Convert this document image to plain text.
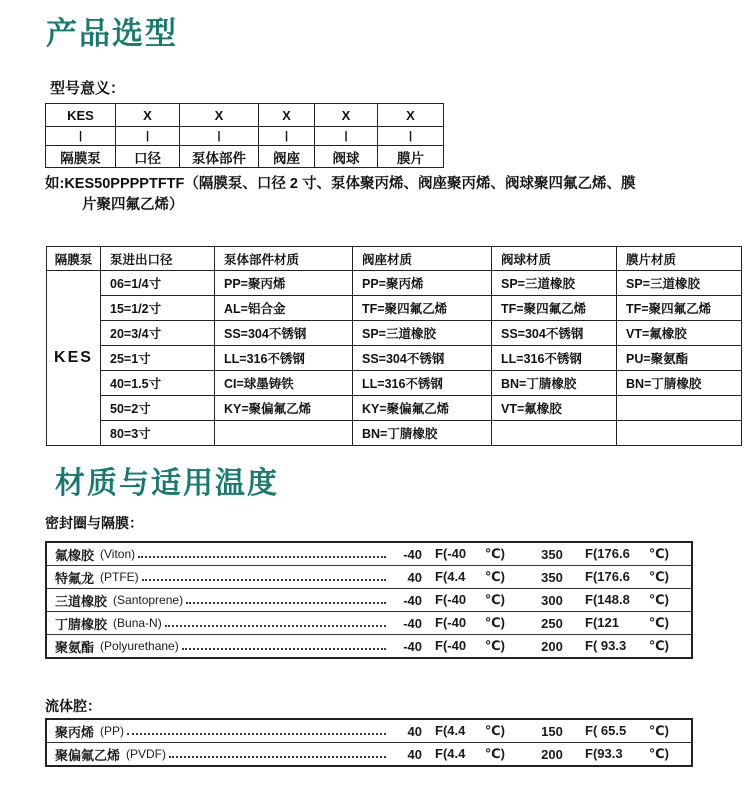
产品选型
型号意义：
KES	X	X	X	X	X
|	|	|	|	|	|
隔膜泵	口径	泵体部件	阀座	阀球	膜片
如:KES50PPPPTFTF（隔膜泵、口径 2 寸、泵体聚丙烯、阀座聚丙烯、阀球聚四氟乙烯、膜
片聚四氟乙烯）
隔膜泵	泵进出口径	泵体部件材质	阀座材质	阀球材质	膜片材质
KES	06=1/4寸	PP=聚丙烯	PP=聚丙烯	SP=三道橡胶	SP=三道橡胶
	15=1/2寸	AL=铝合金	TF=聚四氟乙烯	TF=聚四氟乙烯	TF=聚四氟乙烯
	20=3/4寸	SS=304不锈钢	SP=三道橡胶	SS=304不锈钢	VT=氟橡胶
	25=1寸	LL=316不锈钢	SS=304不锈钢	LL=316不锈钢	PU=聚氨酯
	40=1.5寸	CI=球墨铸铁	LL=316不锈钢	BN=丁腈橡胶	BN=丁腈橡胶
	50=2寸	KY=聚偏氟乙烯	KY=聚偏氟乙烯	VT=氟橡胶	
	80=3寸		BN=丁腈橡胶		
材质与适用温度
密封圈与隔膜：
氟橡胶 (Viton)	-40 F(-40 ℃)	350	F(176.6 ℃)
特氟龙 (PTFE)	40 F(4.4 ℃)	350	F(176.6 ℃)
三道橡胶 (Santoprene)	-40 F(-40 ℃)	300	F(148.8 ℃)
丁腈橡胶 (Buna-N)	-40 F(-40 ℃)	250	F(121 ℃)
聚氨酯 (Polyurethane)	-40 F(-40 ℃)	200	F( 93.3 ℃)
流体腔：
聚丙烯 (PP)	40 F(4.4 ℃)	150	F( 65.5 ℃)
聚偏氟乙烯 (PVDF)	40 F(4.4 ℃)	200	F(93.3 ℃)
